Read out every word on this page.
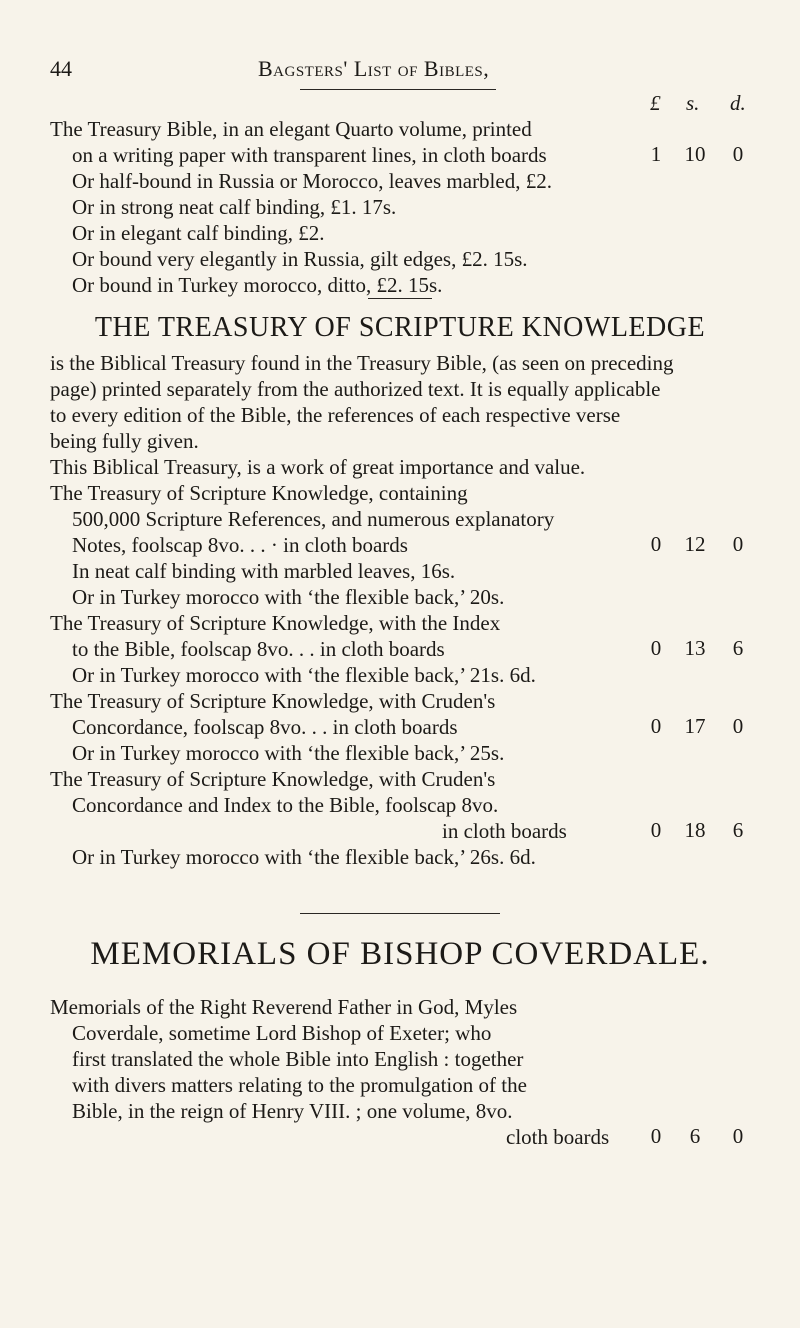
44	Bagsters' List of Bibles,
£ s. d.
The Treasury Bible, in an elegant Quarto volume, printed
on a writing paper with transparent lines, in cloth boards	1	10	0
Or half-bound in Russia or Morocco, leaves marbled, £2.
Or in strong neat calf binding, £1. 17s.
Or in elegant calf binding, £2.
Or bound very elegantly in Russia, gilt edges, £2. 15s.
Or bound in Turkey morocco, ditto, £2. 15s.
THE TREASURY OF SCRIPTURE KNOWLEDGE
is the Biblical Treasury found in the Treasury Bible, (as seen on preceding
page) printed separately from the authorized text. It is equally applicable
to every edition of the Bible, the references of each respective verse
being fully given.
This Biblical Treasury, is a work of great importance and value.
The Treasury of Scripture Knowledge, containing
500,000 Scripture References, and numerous explanatory
Notes, foolscap 8vo. . . · in cloth boards	0	12	0
In neat calf binding with marbled leaves, 16s.
Or in Turkey morocco with ‘the flexible back,’ 20s.
The Treasury of Scripture Knowledge, with the Index
to the Bible, foolscap 8vo. . . in cloth boards	0	13	6
Or in Turkey morocco with ‘the flexible back,’ 21s. 6d.
The Treasury of Scripture Knowledge, with Cruden's
Concordance, foolscap 8vo. . . in cloth boards	0	17	0
Or in Turkey morocco with ‘the flexible back,’ 25s.
The Treasury of Scripture Knowledge, with Cruden's
Concordance and Index to the Bible, foolscap 8vo.
in cloth boards	0	18	6
Or in Turkey morocco with ‘the flexible back,’ 26s. 6d.
MEMORIALS OF BISHOP COVERDALE.
Memorials of the Right Reverend Father in God, Myles
Coverdale, sometime Lord Bishop of Exeter; who
first translated the whole Bible into English : together
with divers matters relating to the promulgation of the
Bible, in the reign of Henry VIII. ; one volume, 8vo.
cloth boards	0	6	0
